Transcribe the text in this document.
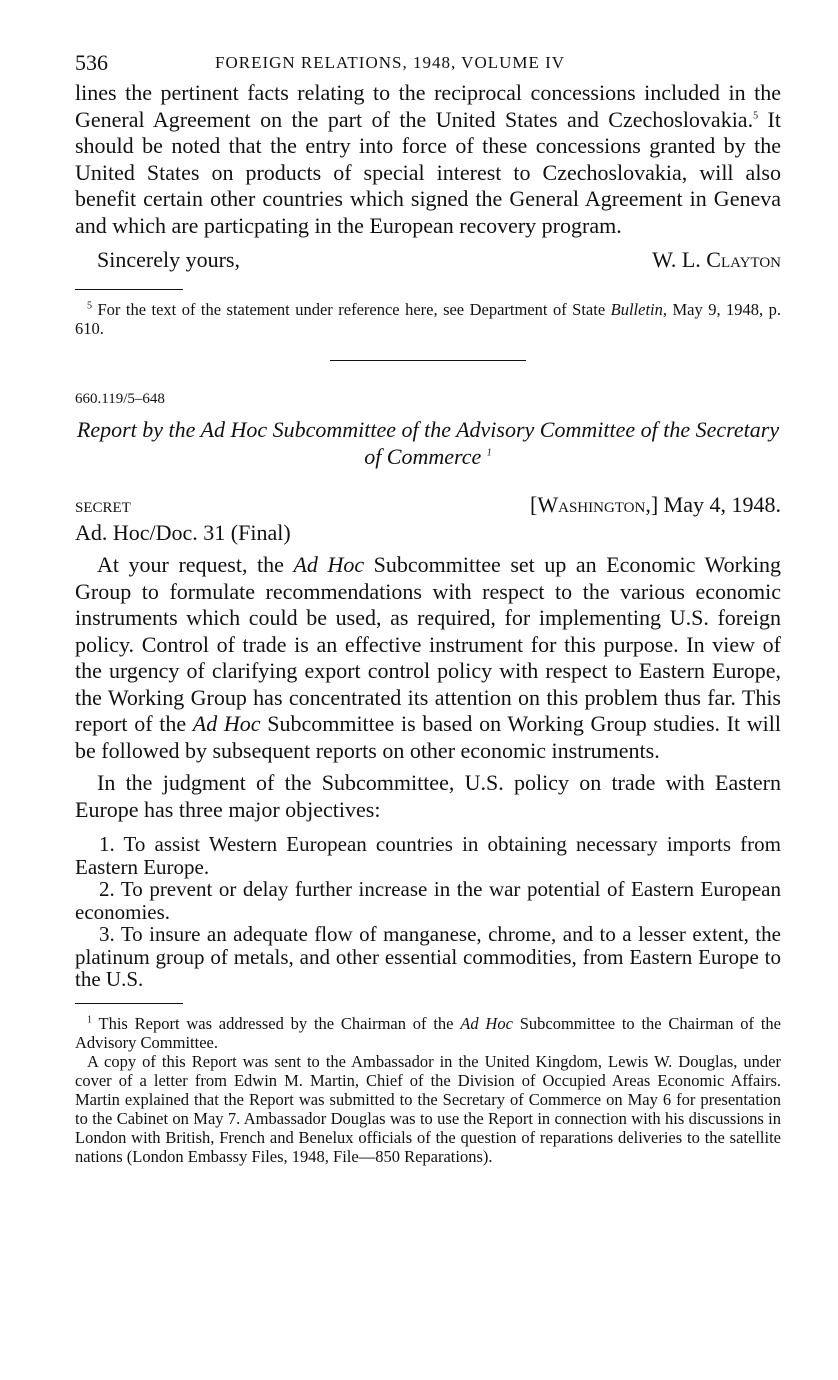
536	FOREIGN RELATIONS, 1948, VOLUME IV

lines the pertinent facts relating to the reciprocal concessions included in the General Agreement on the part of the United States and Czechoslovakia.$^5$ It should be noted that the entry into force of these concessions granted by the United States on products of special interest to Czechoslovakia, will also benefit certain other countries which signed the General Agreement in Geneva and which are particpating in the European recovery program.

Sincerely yours,	W. L. Clayton

$^5$ For the text of the statement under reference here, see Department of State Bulletin, May 9, 1948, p. 610.

660.119/5–648

Report by the Ad Hoc Subcommittee of the Advisory Committee of the Secretary of Commerce $^1$

SECRET	[Washington,] May 4, 1948.
Ad. Hoc/Doc. 31 (Final)

At your request, the Ad Hoc Subcommittee set up an Economic Working Group to formulate recommendations with respect to the various economic instruments which could be used, as required, for implementing U.S. foreign policy. Control of trade is an effective instrument for this purpose. In view of the urgency of clarifying export control policy with respect to Eastern Europe, the Working Group has concentrated its attention on this problem thus far. This report of the Ad Hoc Subcommittee is based on Working Group studies. It will be followed by subsequent reports on other economic instruments.

In the judgment of the Subcommittee, U.S. policy on trade with Eastern Europe has three major objectives:

1. To assist Western European countries in obtaining necessary imports from Eastern Europe.
2. To prevent or delay further increase in the war potential of Eastern European economies.
3. To insure an adequate flow of manganese, chrome, and to a lesser extent, the platinum group of metals, and other essential commodities, from Eastern Europe to the U.S.

$^1$ This Report was addressed by the Chairman of the Ad Hoc Subcommittee to the Chairman of the Advisory Committee.

A copy of this Report was sent to the Ambassador in the United Kingdom, Lewis W. Douglas, under cover of a letter from Edwin M. Martin, Chief of the Division of Occupied Areas Economic Affairs. Martin explained that the Report was submitted to the Secretary of Commerce on May 6 for presentation to the Cabinet on May 7. Ambassador Douglas was to use the Report in connection with his discussions in London with British, French and Benelux officials of the question of reparations deliveries to the satellite nations (London Embassy Files, 1948, File—850 Reparations).
